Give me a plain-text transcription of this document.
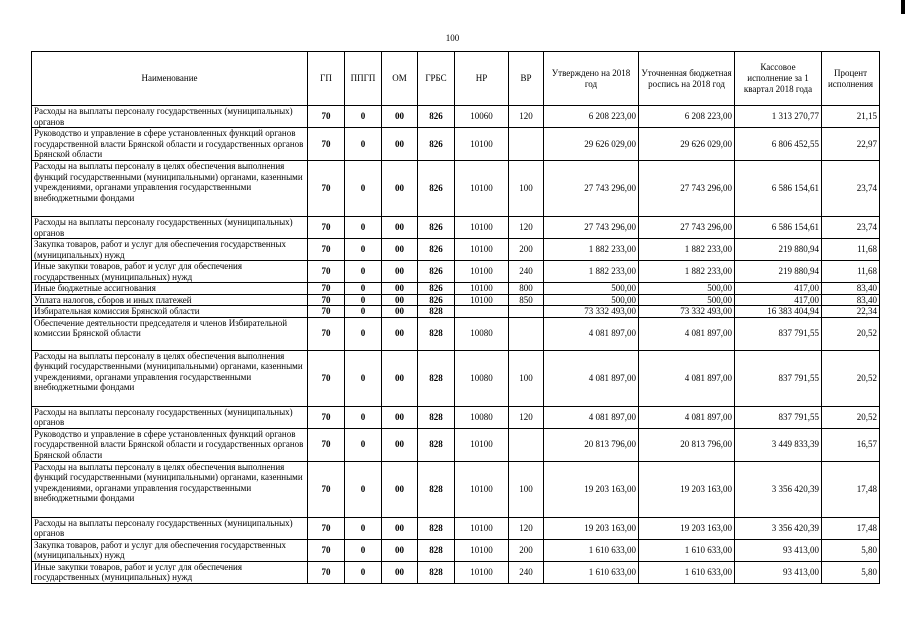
100
Наименование	ГП	ППГП	ОМ	ГРБС	НР	ВР	Утверждено на 2018 год	Уточненная бюджетная роспись на 2018 год	Кассовое исполнение за 1 квартал 2018 года	Процент исполнения
Расходы на выплаты персоналу государственных (муниципальных) органов	70	0	00	826	10060	120	6 208 223,00	6 208 223,00	1 313 270,77	21,15
Руководство и управление в сфере установленных функций органов государственной власти Брянской области и государственных органов Брянской области	70	0	00	826	10100		29 626 029,00	29 626 029,00	6 806 452,55	22,97
Расходы на выплаты персоналу в целях обеспечения выполнения функций государственными (муниципальными) органами, казенными учреждениями, органами управления государственными внебюджетными фондами	70	0	00	826	10100	100	27 743 296,00	27 743 296,00	6 586 154,61	23,74
Расходы на выплаты персоналу государственных (муниципальных) органов	70	0	00	826	10100	120	27 743 296,00	27 743 296,00	6 586 154,61	23,74
Закупка товаров, работ и услуг для обеспечения государственных (муниципальных) нужд	70	0	00	826	10100	200	1 882 233,00	1 882 233,00	219 880,94	11,68
Иные закупки товаров, работ и услуг для обеспечения государственных (муниципальных) нужд	70	0	00	826	10100	240	1 882 233,00	1 882 233,00	219 880,94	11,68
Иные бюджетные ассигнования	70	0	00	826	10100	800	500,00	500,00	417,00	83,40
Уплата налогов, сборов и иных платежей	70	0	00	826	10100	850	500,00	500,00	417,00	83,40
Избирательная комиссия Брянской области	70	0	00	828			73 332 493,00	73 332 493,00	16 383 404,94	22,34
Обеспечение деятельности председателя и членов Избирательной комиссии Брянской области	70	0	00	828	10080		4 081 897,00	4 081 897,00	837 791,55	20,52
Расходы на выплаты персоналу в целях обеспечения выполнения функций государственными (муниципальными) органами, казенными учреждениями, органами управления государственными внебюджетными фондами	70	0	00	828	10080	100	4 081 897,00	4 081 897,00	837 791,55	20,52
Расходы на выплаты персоналу государственных (муниципальных) органов	70	0	00	828	10080	120	4 081 897,00	4 081 897,00	837 791,55	20,52
Руководство и управление в сфере установленных функций органов государственной власти Брянской области и государственных органов Брянской области	70	0	00	828	10100		20 813 796,00	20 813 796,00	3 449 833,39	16,57
Расходы на выплаты персоналу в целях обеспечения выполнения функций государственными (муниципальными) органами, казенными учреждениями, органами управления государственными внебюджетными фондами	70	0	00	828	10100	100	19 203 163,00	19 203 163,00	3 356 420,39	17,48
Расходы на выплаты персоналу государственных (муниципальных) органов	70	0	00	828	10100	120	19 203 163,00	19 203 163,00	3 356 420,39	17,48
Закупка товаров, работ и услуг для обеспечения государственных (муниципальных) нужд	70	0	00	828	10100	200	1 610 633,00	1 610 633,00	93 413,00	5,80
Иные закупки товаров, работ и услуг для обеспечения государственных (муниципальных) нужд	70	0	00	828	10100	240	1 610 633,00	1 610 633,00	93 413,00	5,80
